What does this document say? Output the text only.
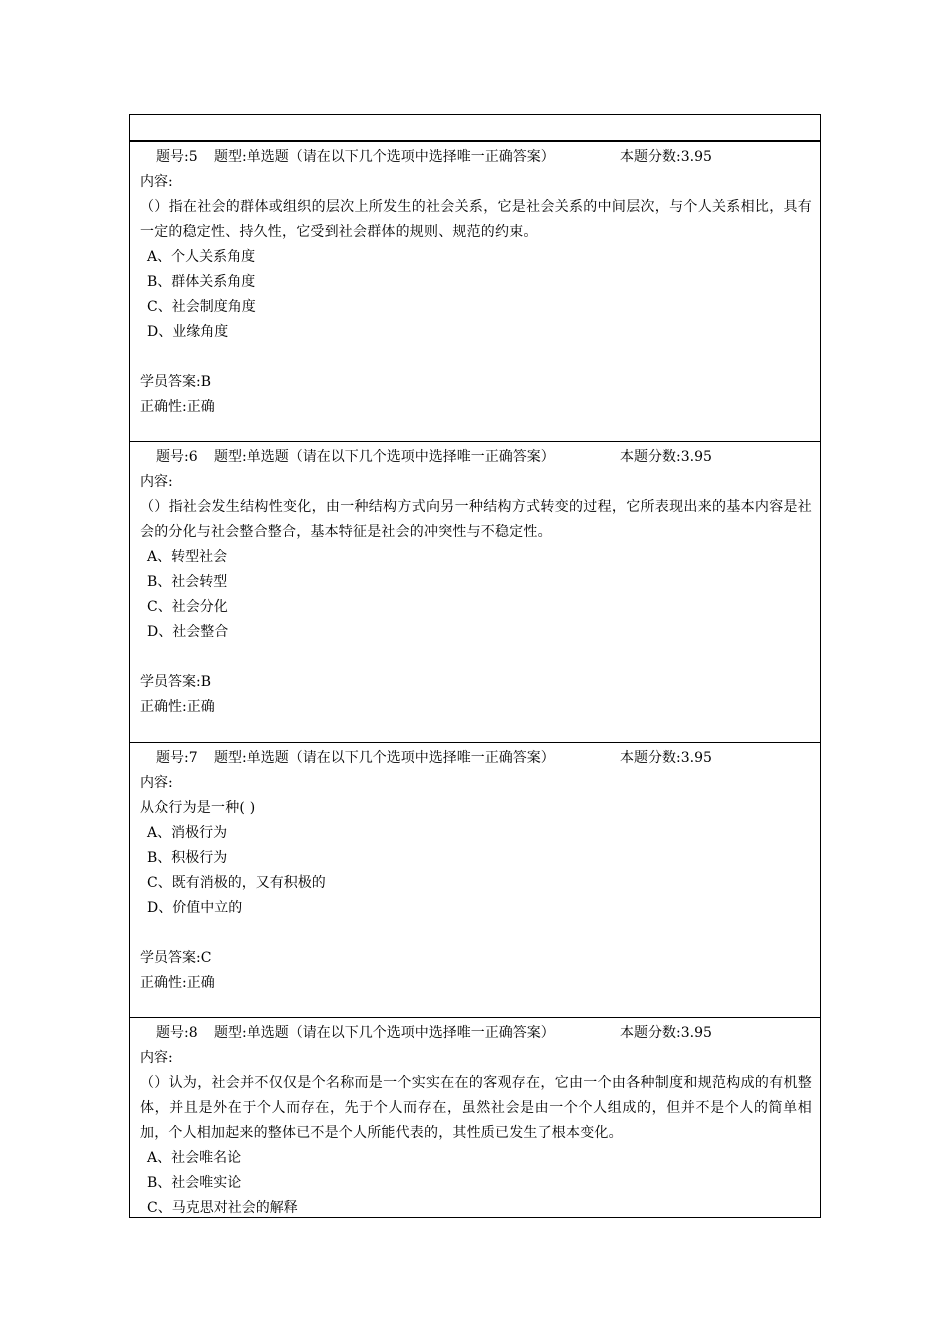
题号:5 题型:单选题（请在以下几个选项中选择唯一正确答案）	本题分数:3.95
内容:
（）指在社会的群体或组织的层次上所发生的社会关系，它是社会关系的中间层次，与个人关系相比，具有一定的稳定性、持久性，它受到社会群体的规则、规范的约束。
A、个人关系角度
B、群体关系角度
C、社会制度角度
D、业缘角度
学员答案:B
正确性:正确
题号:6 题型:单选题（请在以下几个选项中选择唯一正确答案）	本题分数:3.95
内容:
（）指社会发生结构性变化，由一种结构方式向另一种结构方式转变的过程，它所表现出来的基本内容是社会的分化与社会整合整合，基本特征是社会的冲突性与不稳定性。
A、转型社会
B、社会转型
C、社会分化
D、社会整合
学员答案:B
正确性:正确
题号:7 题型:单选题（请在以下几个选项中选择唯一正确答案）	本题分数:3.95
内容:
从众行为是一种( )
A、消极行为
B、积极行为
C、既有消极的，又有积极的
D、价值中立的
学员答案:C
正确性:正确
题号:8 题型:单选题（请在以下几个选项中选择唯一正确答案）	本题分数:3.95
内容:
（）认为，社会并不仅仅是个名称而是一个实实在在的客观存在，它由一个由各种制度和规范构成的有机整体，并且是外在于个人而存在，先于个人而存在，虽然社会是由一个个人组成的，但并不是个人的简单相加，个人相加起来的整体已不是个人所能代表的，其性质已发生了根本变化。
A、社会唯名论
B、社会唯实论
C、马克思对社会的解释
